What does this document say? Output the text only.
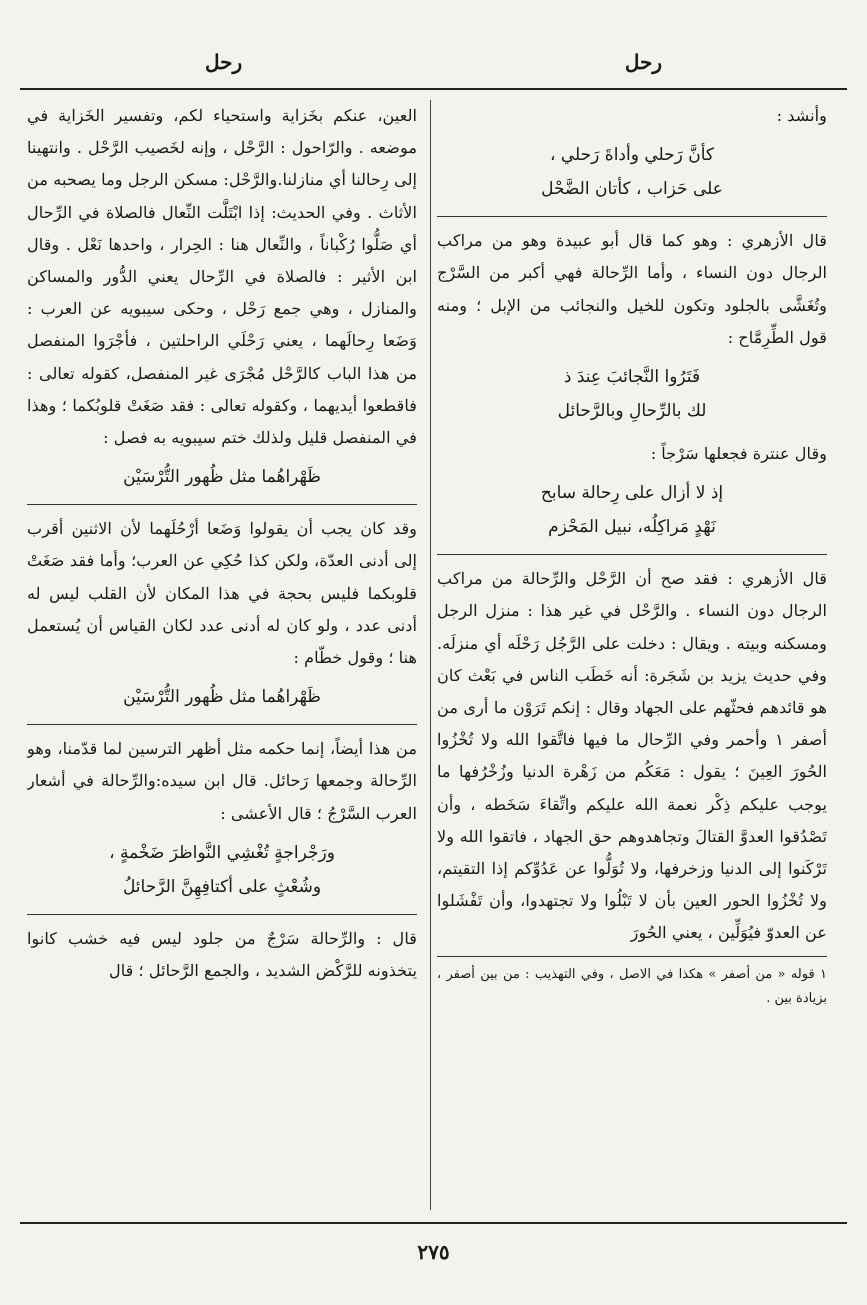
رحل
رحل

وأنشد :

كأنَّ رَحلي وأداةَ رَحلي ،
على حَزاب ، كأتان الضَّحْل

قال الأزهري : وهو كما قال أبو عبيدة وهو من مراكب الرجال دون النساء ، وأما الرِّحالة فهي أكبر من السَّرْج وتُغَشَّى بالجلود وتكون للخيل والنجائب من الإبل ؛ ومنه قول الطِّرِمَّاح :

فَتَرُوا النَّجائبَ عِندَ ذ
لك بالرِّحالِ وبالرَّحائل

وقال عنترة فجعلها سَرْجاً :

إذ لا أزال على رِحالة سابح
نَهْدٍ مَراكِلُه، نبيل المَحْزم

قال الأزهري : فقد صح أن الرَّحْل والرِّحالة من مراكب الرجال دون النساء . والرَّحْل في غير هذا : منزل الرجل ومسكنه وبيته . ويقال : دخلت على الرَّجُل رَحْلَه أي منزلَه. وفي حديث يزيد بن شَجَرة: أنه خَطَب الناس في بَعْث كان هو قائدهم فحثّهم على الجهاد وقال : إنكم تَرَوْن ما أرى من أصفر ١ وأحمر وفي الرِّحال ما فيها فاتَّقوا الله ولا تُخْزُوا الحُورَ العِينَ ؛ يقول : مَعَكُم من زَهْرة الدنيا وزُخْرُفها ما يوجب عليكم ذِكْر نعمة الله عليكم واتِّقاءَ سَخَطه ، وأن تَصْدُقوا العدوَّ القتالَ وتجاهدوهم حق الجهاد ، فاتقوا الله ولا تَرْكَنوا إلى الدنيا وزخرفها، ولا تُوَلُّوا عن عَدُوِّكم إذا التقيتم، ولا تُخْزُوا الحور العين بأن لا تَبْلُوا ولا تجتهدوا، وأن تَفْشَلوا عن العدوّ فيُوَلِّين ، يعني الحُورَ

١ قوله « من أصفر » هكذا في الاصل ، وفي التهذيب : من بين أصفر ، بزيادة بين .

العين، عنكم بخَزاية واستحياء لكم، وتفسير الخَزاية في موضعه . والرّاحول : الرَّحْل ، وإنه لخَصيب الرَّحْل . وانتهينا إلى رِحالنا أي منازلنا.والرَّحْل: مسكن الرجل وما يصحبه من الأثاث . وفي الحديث: إذا ابْتَلَّت النِّعال فالصلاة في الرِّحال أي صَلُّوا رُكْباناً ، والنِّعال هنا : الحِرار ، واحدها نَعْل . وقال ابن الأثير : فالصلاة في الرِّحال يعني الدُّور والمساكن والمنازل ، وهي جمع رَحْل ، وحكى سيبويه عن العرب : وَضَعا رِحالَهما ، يعني رَحْلَي الراحلتين ، فأجْرَوا المنفصل من هذا الباب كالرَّحْل مُجْرَى غير المنفصل، كقوله تعالى : فاقطعوا أيديهما ، وكقوله تعالى : فقد صَغَتْ قلوبُكما ؛ وهذا في المنفصل قليل ولذلك ختم سيبويه به فصل :

ظَهْراهُما مثل ظُهور التُّرْسَيْن

وقد كان يجب أن يقولوا وَضَعا أرْحُلَهما لأن الاثنين أقرب إلى أدنى العدّة، ولكن كذا حُكِي عن العرب؛ وأما فقد صَغَتْ قلوبكما فليس بحجة في هذا المكان لأن القلب ليس له أدنى عدد ، ولو كان له أدنى عدد لكان القياس أن يُستعمل هنا ؛ وقول خطّام :

ظَهْراهُما مثل ظُهور التُّرْسَيْن

من هذا أيضاً، إنما حكمه مثل أظهر الترسين لما قدّمنا، وهو الرِّحالة وجمعها رَحائل. قال ابن سيده:والرِّحالة في أشعار العرب السَّرْجُ ؛ قال الأعشى :

ورَجْراجةٍ تُغْشِي النَّواظرَ ضَخْمةٍ ،
وشُعْثٍ على أكتافِهِنَّ الرَّحائلُ

قال : والرِّحالة سَرْجٌ من جلود ليس فيه خشب كانوا يتخذونه للرَّكْض الشديد ، والجمع الرَّحائل ؛ قال

٢٧٥
